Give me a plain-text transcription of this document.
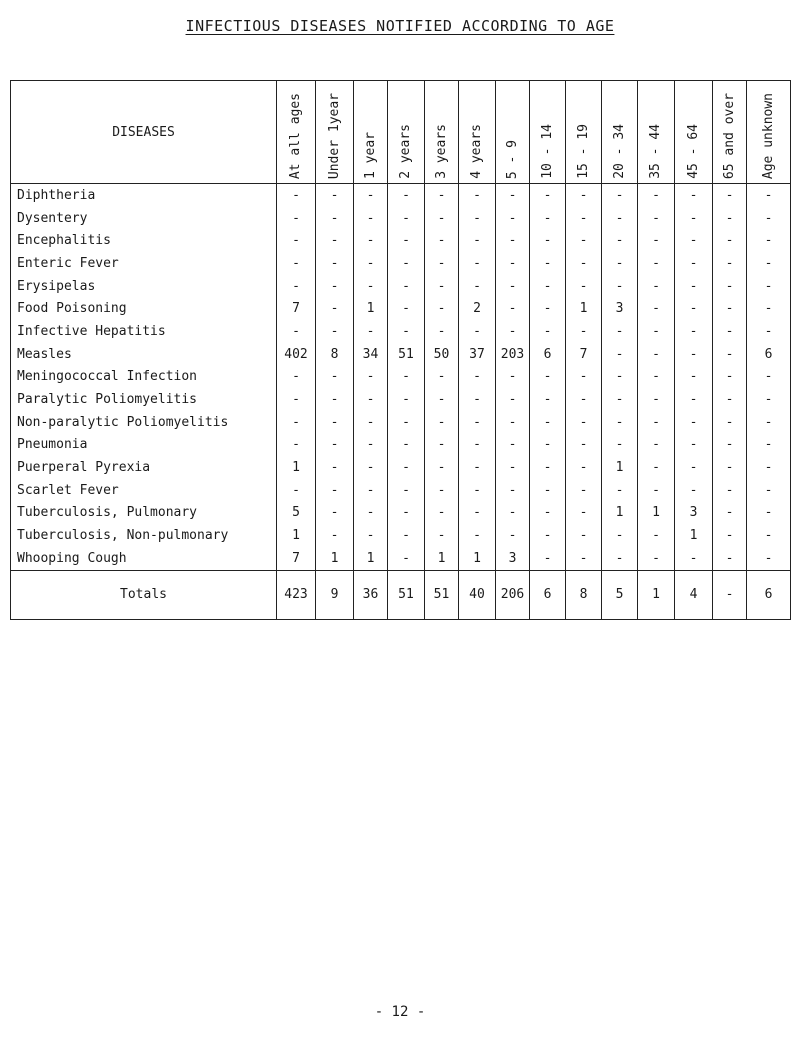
INFECTIOUS DISEASES NOTIFIED ACCORDING TO AGE
DISEASES	At all ages	Under 1year	1 year	2 years	3 years	4 years	5 - 9	10 - 14	15 - 19	20 - 34	35 - 44	45 - 64	65 and over	Age unknown
Diphtheria	-	-	-	-	-	-	-	-	-	-	-	-	-	-
Dysentery	-	-	-	-	-	-	-	-	-	-	-	-	-	-
Encephalitis	-	-	-	-	-	-	-	-	-	-	-	-	-	-
Enteric Fever	-	-	-	-	-	-	-	-	-	-	-	-	-	-
Erysipelas	-	-	-	-	-	-	-	-	-	-	-	-	-	-
Food Poisoning	7	-	1	-	-	2	-	-	1	3	-	-	-	-
Infective Hepatitis	-	-	-	-	-	-	-	-	-	-	-	-	-	-
Measles	402	8	34	51	50	37	203	6	7	-	-	-	-	6
Meningococcal Infection	-	-	-	-	-	-	-	-	-	-	-	-	-	-
Paralytic Poliomyelitis	-	-	-	-	-	-	-	-	-	-	-	-	-	-
Non-paralytic Poliomyelitis	-	-	-	-	-	-	-	-	-	-	-	-	-	-
Pneumonia	-	-	-	-	-	-	-	-	-	-	-	-	-	-
Puerperal Pyrexia	1	-	-	-	-	-	-	-	-	1	-	-	-	-
Scarlet Fever	-	-	-	-	-	-	-	-	-	-	-	-	-	-
Tuberculosis, Pulmonary	5	-	-	-	-	-	-	-	-	1	1	3	-	-
Tuberculosis, Non-pulmonary	1	-	-	-	-	-	-	-	-	-	-	1	-	-
Whooping Cough	7	1	1	-	1	1	3	-	-	-	-	-	-	-
Totals	423	9	36	51	51	40	206	6	8	5	1	4	-	6
- 12 -
